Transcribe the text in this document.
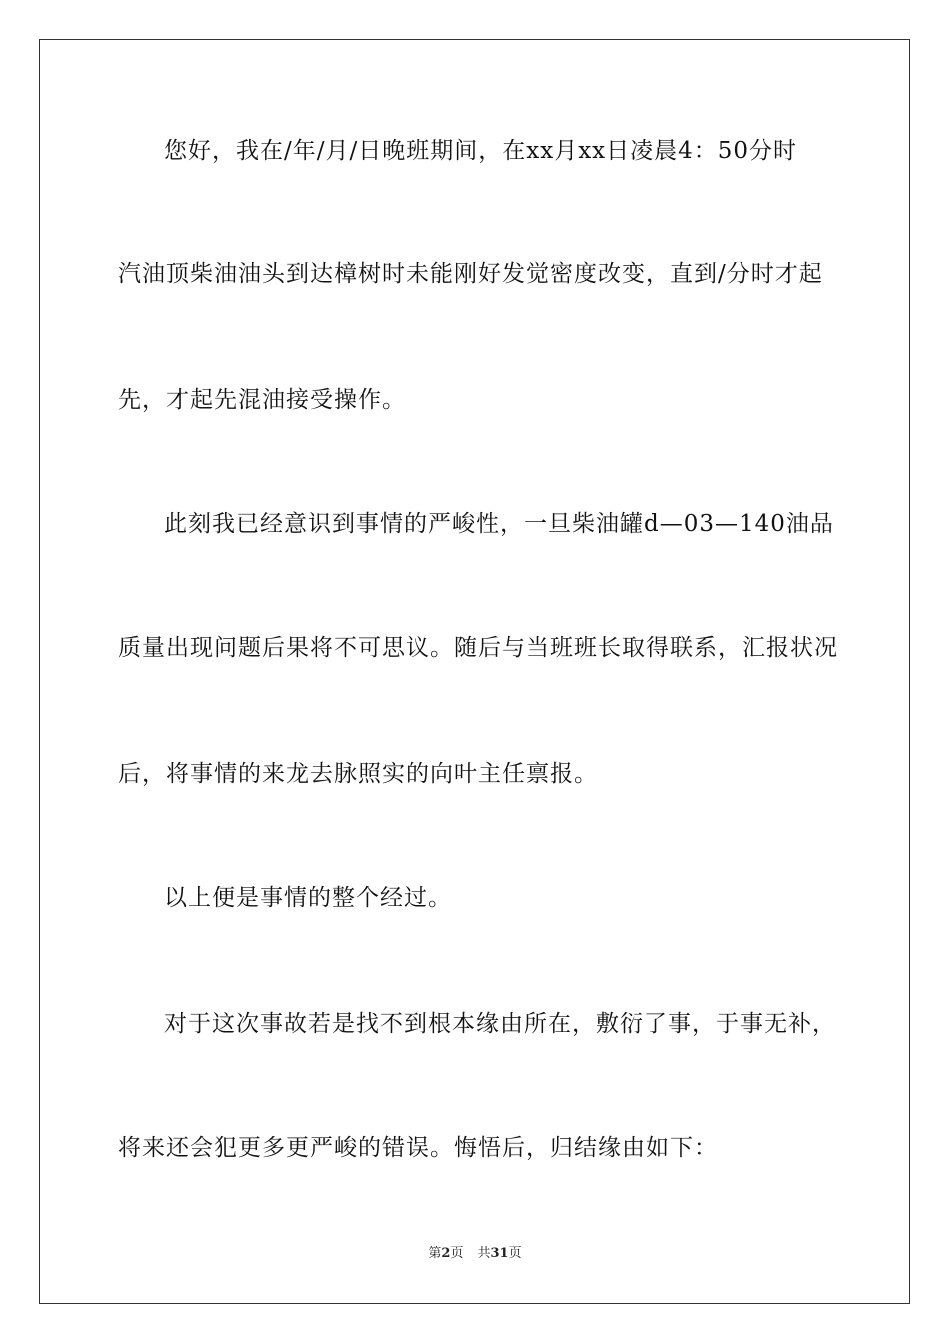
您好，我在/年/月/日晚班期间，在xx月xx日凌晨4：50分时
汽油顶柴油油头到达樟树时未能刚好发觉密度改变，直到/分时才起
先，才起先混油接受操作。
此刻我已经意识到事情的严峻性，一旦柴油罐d—03—140油品
质量出现问题后果将不可思议。随后与当班班长取得联系，汇报状况
后，将事情的来龙去脉照实的向叶主任禀报。
以上便是事情的整个经过。
对于这次事故若是找不到根本缘由所在，敷衍了事，于事无补，
将来还会犯更多更严峻的错误。悔悟后，归结缘由如下：
第2页 共31页
